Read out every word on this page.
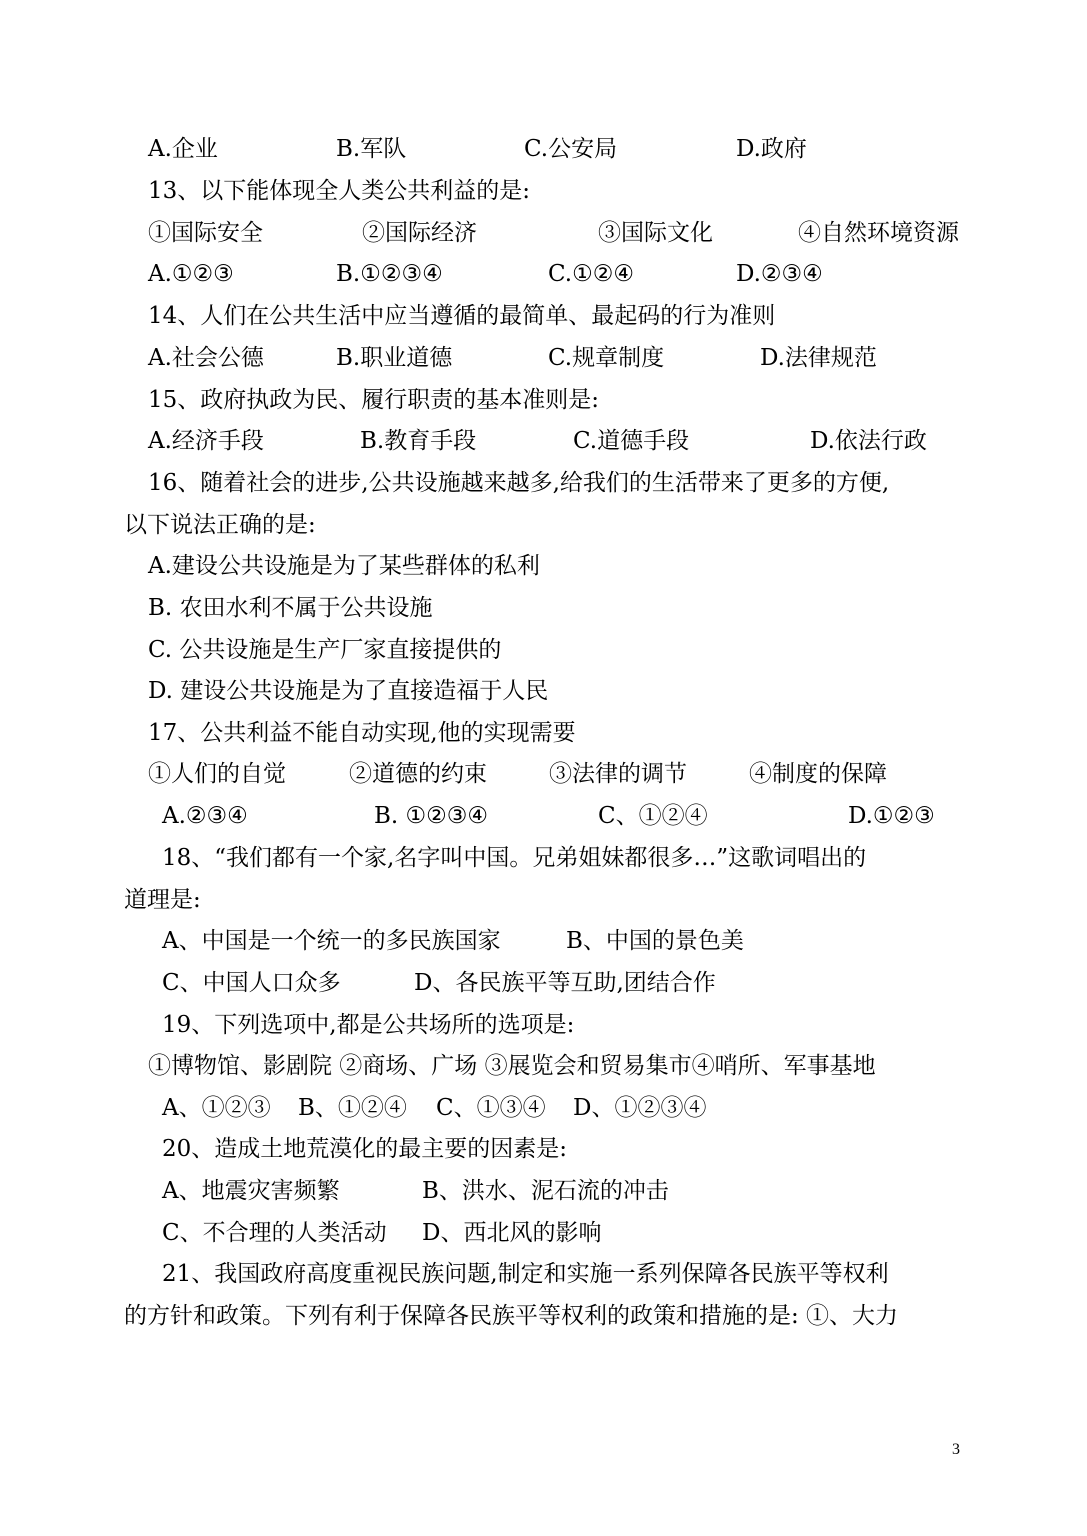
A.企业	B.军队	C.公安局	D.政府
13、以下能体现全人类公共利益的是:
①国际安全	②国际经济	③国际文化	④自然环境资源
A.①②③	B.①②③④	C.①②④	D.②③④
14、人们在公共生活中应当遵循的最简单、最起码的行为准则
A.社会公德	B.职业道德	C.规章制度	D.法律规范
15、政府执政为民、履行职责的基本准则是:
A.经济手段	B.教育手段	C.道德手段	D.依法行政
16、随着社会的进步,公共设施越来越多,给我们的生活带来了更多的方便,
以下说法正确的是:
A.建设公共设施是为了某些群体的私利
B. 农田水利不属于公共设施
C. 公共设施是生产厂家直接提供的
D. 建设公共设施是为了直接造福于人民
17、公共利益不能自动实现,他的实现需要
①人们的自觉	②道德的约束	③法律的调节	④制度的保障
A.②③④	B. ①②③④	C、①②④	D.①②③
18、“我们都有一个家,名字叫中国。兄弟姐妹都很多…”这歌词唱出的
道理是:
A、中国是一个统一的多民族国家	B、中国的景色美
C、中国人口众多	D、各民族平等互助,团结合作
19、下列选项中,都是公共场所的选项是:
①博物馆、影剧院 ②商场、广场 ③展览会和贸易集市④哨所、军事基地
A、①②③ B、①②④ C、①③④ D、①②③④
20、造成土地荒漠化的最主要的因素是:
A、地震灾害频繁	B、洪水、泥石流的冲击
C、不合理的人类活动 D、西北风的影响
21、我国政府高度重视民族问题,制定和实施一系列保障各民族平等权利
的方针和政策。下列有利于保障各民族平等权利的政策和措施的是: ①、大力
3
